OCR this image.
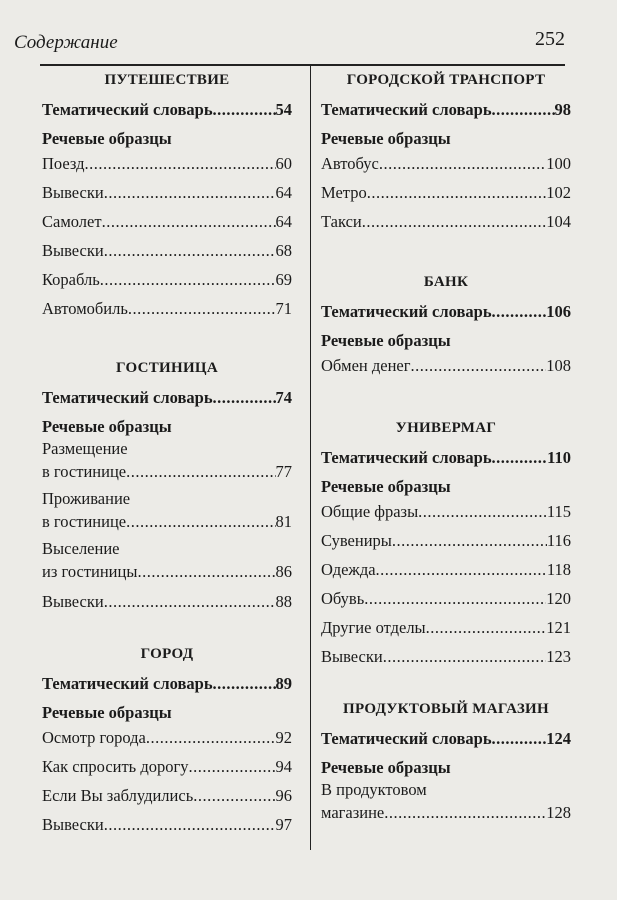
Содержание	252
ПУТЕШЕСТВИЕ
Тематический словарь .....	54
Речевые образцы
Поезд .....	60
Вывески .....	64
Самолет .....	64
Вывески .....	68
Корабль .....	69
Автомобиль .....	71
ГОСТИНИЦА
Тематический словарь .....	74
Речевые образцы
Размещение
в гостинице .....	77
Проживание
в гостинице .....	81
Выселение
из гостиницы .....	86
Вывески .....	88
ГОРОД
Тематический словарь .....	89
Речевые образцы
Осмотр города .....	92
Как спросить дорогу .....	94
Если Вы заблудились .....	96
Вывески .....	97
ГОРОДСКОЙ ТРАНСПОРТ
Тематический словарь .....	98
Речевые образцы
Автобус .....	100
Метро .....	102
Такси .....	104
БАНК
Тематический словарь .....	106
Речевые образцы
Обмен денег .....	108
УНИВЕРМАГ
Тематический словарь .....	110
Речевые образцы
Общие фразы .....	115
Сувениры .....	116
Одежда .....	118
Обувь .....	120
Другие отделы .....	121
Вывески .....	123
ПРОДУКТОВЫЙ МАГАЗИН
Тематический словарь .....	124
Речевые образцы
В продуктовом
магазине .....	128
